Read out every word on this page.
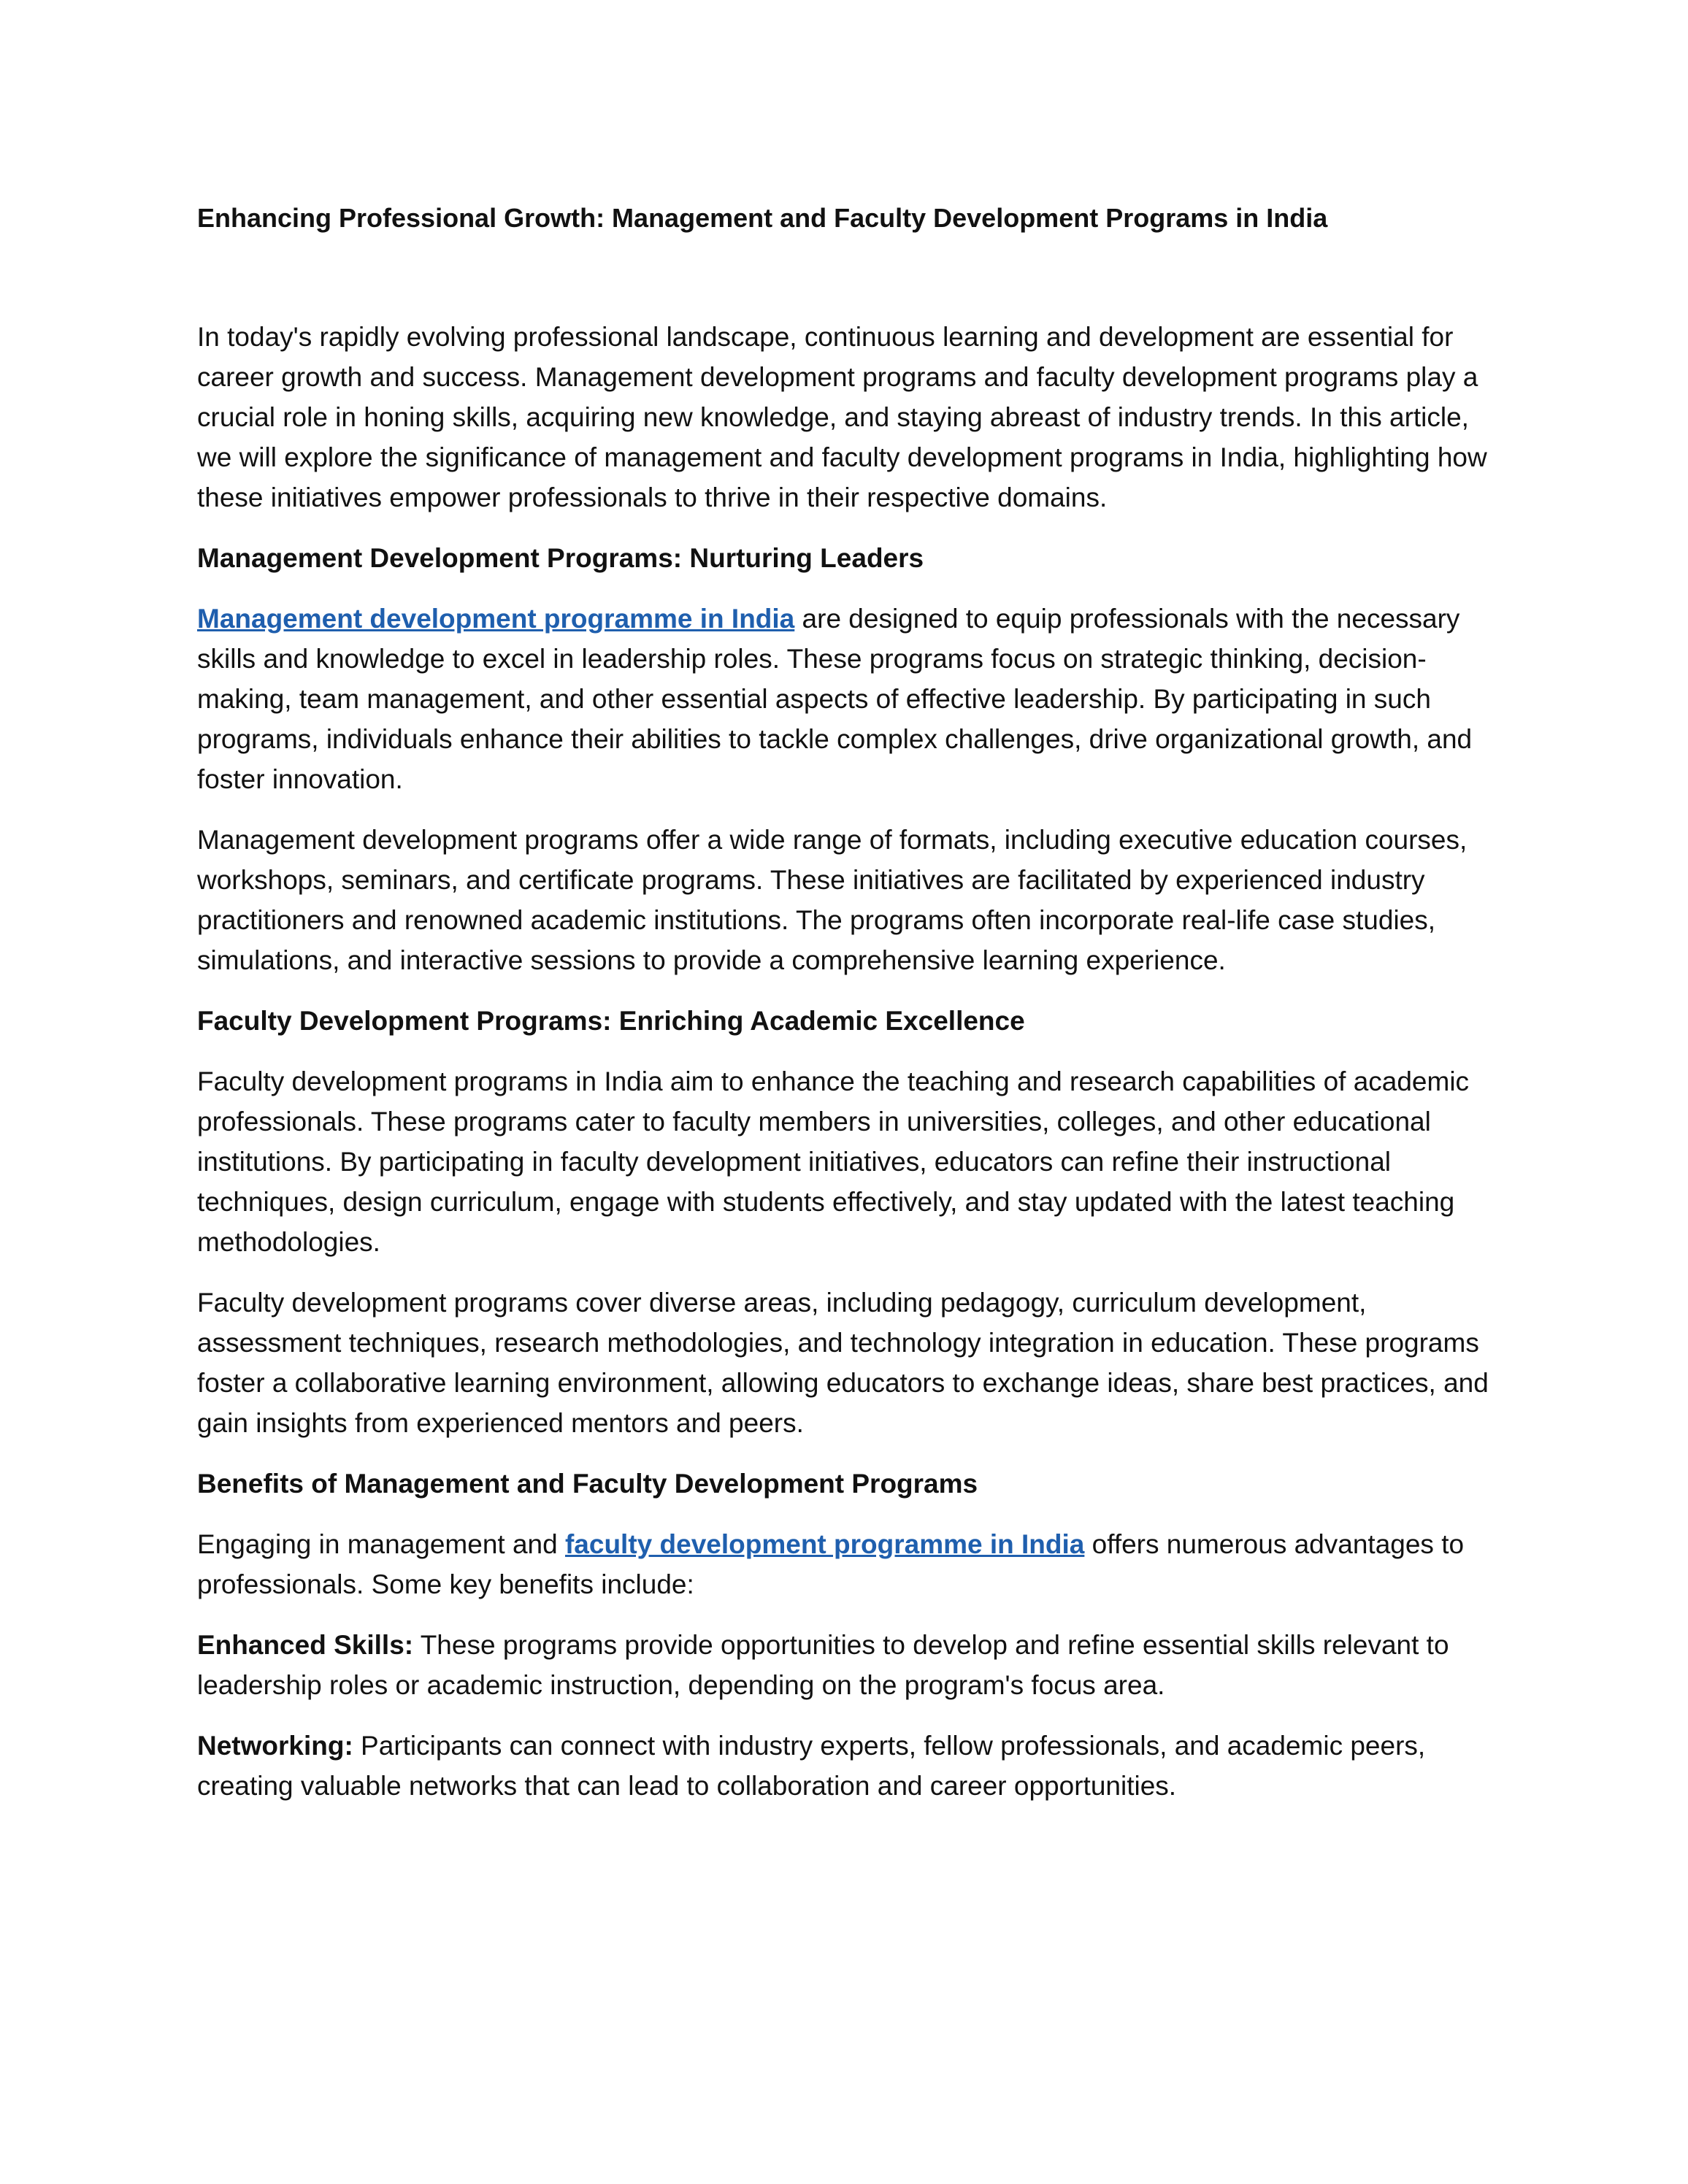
Enhancing Professional Growth: Management and Faculty Development Programs in India

In today's rapidly evolving professional landscape, continuous learning and development are essential for career growth and success. Management development programs and faculty development programs play a crucial role in honing skills, acquiring new knowledge, and staying abreast of industry trends. In this article, we will explore the significance of management and faculty development programs in India, highlighting how these initiatives empower professionals to thrive in their respective domains.

Management Development Programs: Nurturing Leaders

Management development programme in India are designed to equip professionals with the necessary skills and knowledge to excel in leadership roles. These programs focus on strategic thinking, decision-making, team management, and other essential aspects of effective leadership. By participating in such programs, individuals enhance their abilities to tackle complex challenges, drive organizational growth, and foster innovation.

Management development programs offer a wide range of formats, including executive education courses, workshops, seminars, and certificate programs. These initiatives are facilitated by experienced industry practitioners and renowned academic institutions. The programs often incorporate real-life case studies, simulations, and interactive sessions to provide a comprehensive learning experience.

Faculty Development Programs: Enriching Academic Excellence

Faculty development programs in India aim to enhance the teaching and research capabilities of academic professionals. These programs cater to faculty members in universities, colleges, and other educational institutions. By participating in faculty development initiatives, educators can refine their instructional techniques, design curriculum, engage with students effectively, and stay updated with the latest teaching methodologies.

Faculty development programs cover diverse areas, including pedagogy, curriculum development, assessment techniques, research methodologies, and technology integration in education. These programs foster a collaborative learning environment, allowing educators to exchange ideas, share best practices, and gain insights from experienced mentors and peers.

Benefits of Management and Faculty Development Programs

Engaging in management and faculty development programme in India offers numerous advantages to professionals. Some key benefits include:

Enhanced Skills: These programs provide opportunities to develop and refine essential skills relevant to leadership roles or academic instruction, depending on the program's focus area.

Networking: Participants can connect with industry experts, fellow professionals, and academic peers, creating valuable networks that can lead to collaboration and career opportunities.
